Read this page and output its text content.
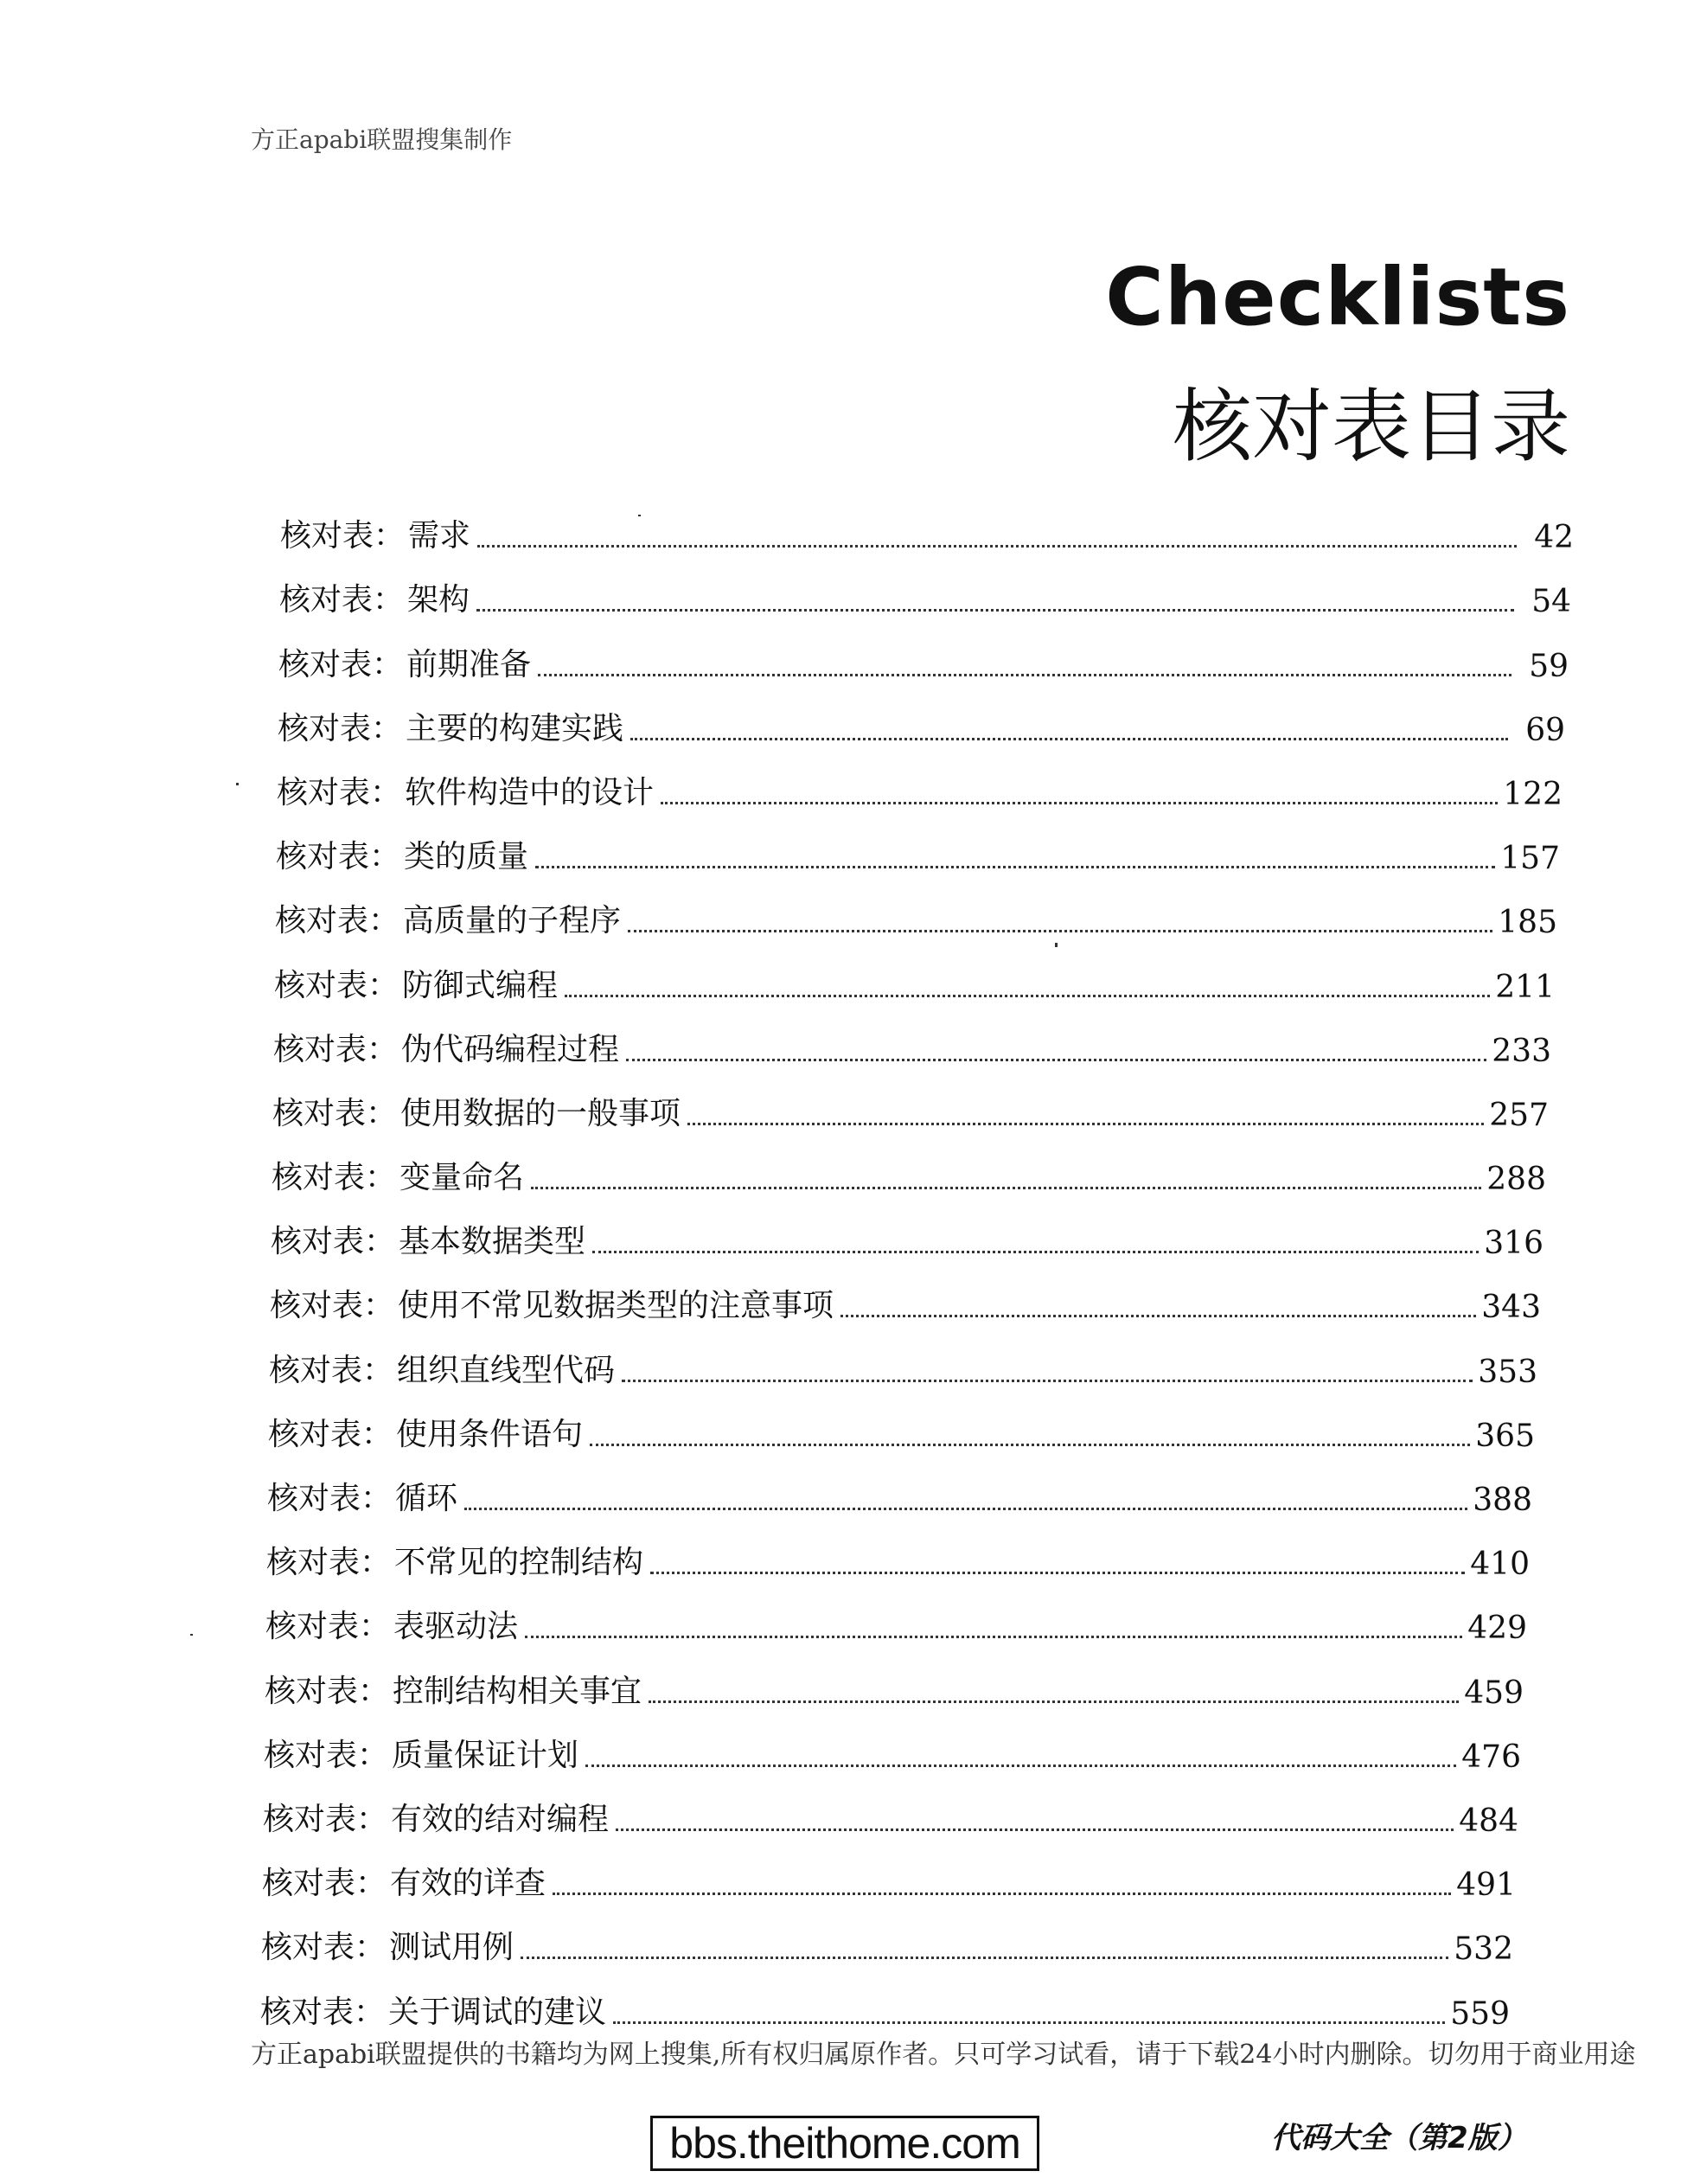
方正apabi联盟搜集制作
Checklists
核对表目录
核对表： 需求	42
核对表： 架构	54
核对表： 前期准备	59
核对表： 主要的构建实践	69
核对表： 软件构造中的设计	122
核对表： 类的质量	157
核对表： 高质量的子程序	185
核对表： 防御式编程	211
核对表： 伪代码编程过程	233
核对表： 使用数据的一般事项	257
核对表： 变量命名	288
核对表： 基本数据类型	316
核对表： 使用不常见数据类型的注意事项	343
核对表： 组织直线型代码	353
核对表： 使用条件语句	365
核对表： 循环	388
核对表： 不常见的控制结构	410
核对表： 表驱动法	429
核对表： 控制结构相关事宜	459
核对表： 质量保证计划	476
核对表： 有效的结对编程	484
核对表： 有效的详查	491
核对表： 测试用例	532
核对表： 关于调试的建议	559
方正apabi联盟提供的书籍均为网上搜集,所有权归属原作者。只可学习试看，请于下载24小时内删除。切勿用于商业用途
bbs.theithome.com	代码大全（第2版）
